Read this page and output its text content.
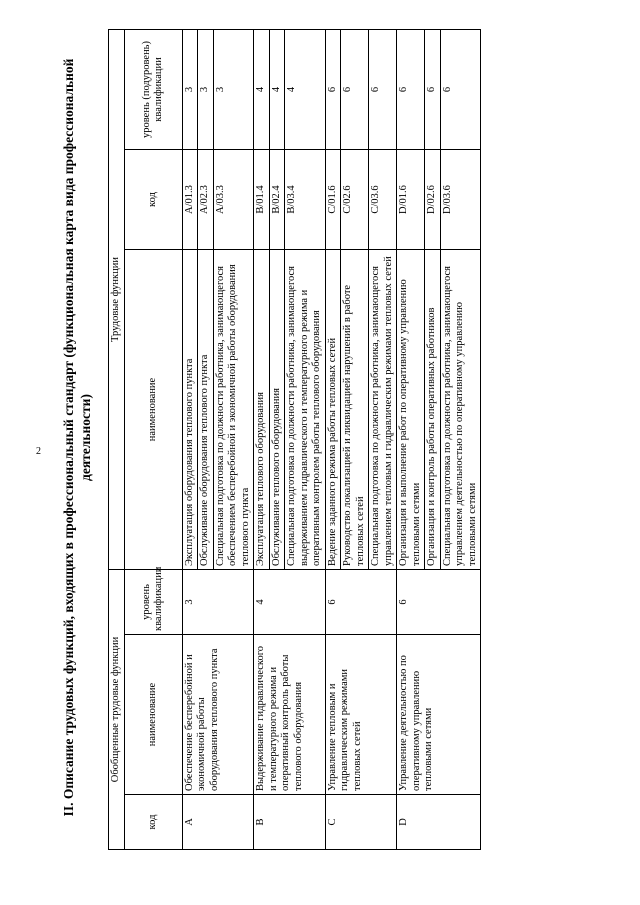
2 II. Описание трудовых функций, входящих в профессиональный стандарт (функциональная карта вида профессиональной деятельности)
Обобщенные трудовые функции			Трудовые функции		
код	наименование	уровень квалификации	наименование	код	уровень (подуровень) квалификации
A	Обеспечение бесперебойной и экономичной работы оборудования теплового пункта	3	Эксплуатация оборудования теплового пункта	A/01.3	3
			Обслуживание оборудования теплового пункта	A/02.3	3
			Специальная подготовка по должности работника, занимающегося обеспечением бесперебойной и экономичной работы оборудования теплового пункта	A/03.3	3
B	Выдерживание гидравлического и температурного режима и оперативный контроль работы теплового оборудования	4	Эксплуатация теплового оборудования	B/01.4	4
			Обслуживание теплового оборудования	B/02.4	4
			Специальная подготовка по должности работника, занимающегося выдерживанием гидравлического и температурного режима и оперативным контролем работы теплового оборудования	B/03.4	4
C	Управление тепловым и гидравлическим режимами тепловых сетей	6	Ведение заданного режима работы тепловых сетей	C/01.6	6
			Руководство локализацией и ликвидацией нарушений в работе тепловых сетей	C/02.6	6
			Специальная подготовка по должности работника, занимающегося управлением тепловым и гидравлическим режимами тепловых сетей	C/03.6	6
D	Управление деятельностью по оперативному управлению тепловыми сетями	6	Организация и выполнение работ по оперативному управлению тепловыми сетями	D/01.6	6
			Организация и контроль работы оперативных работников	D/02.6	6
			Специальная подготовка по должности работника, занимающегося управлением деятельностью по оперативному управлению тепловыми сетями	D/03.6	6
